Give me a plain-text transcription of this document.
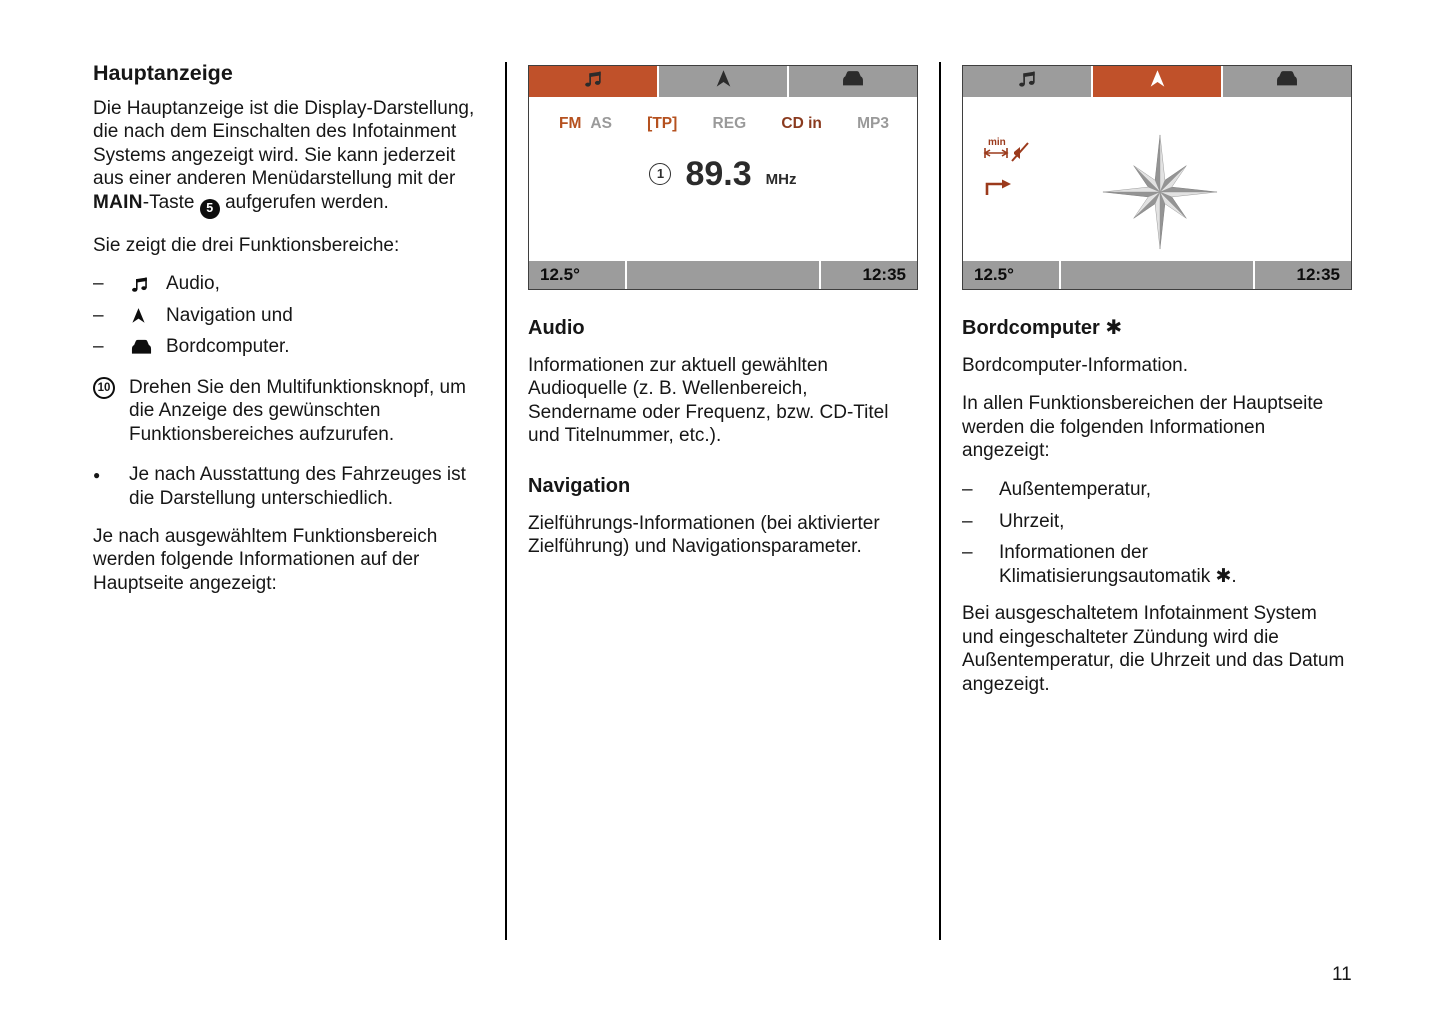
Hauptanzeige

Die Hauptanzeige ist die Display-Darstellung, die nach dem Einschalten des Infotainment Systems angezeigt wird. Sie kann jederzeit aus einer anderen Menüdarstellung mit der MAIN-Taste 5 aufgerufen werden.

Sie zeigt die drei Funktionsbereiche:

–	Audio,
–	Navigation und
–	Bordcomputer.
10 Drehen Sie den Multifunktionsknopf, um die Anzeige des gewünschten Funktionsbereiches aufzurufen.
●	Je nach Ausstattung des Fahrzeuges ist die Darstellung unterschiedlich.

Je nach ausgewähltem Funktionsbereich werden folgende Informationen auf der Hauptseite angezeigt:

FM AS [TP] REG CD in MP3
1 89.3 MHz
12.5°	12:35
Audio

Informationen zur aktuell gewählten Audioquelle (z. B. Wellenbereich, Sendername oder Frequenz, bzw. CD-Titel und Titelnummer, etc.).

Navigation

Zielführungs-Informationen (bei aktivierter Zielführung) und Navigationsparameter.

min
12.5°	12:35
Bordcomputer ✱

Bordcomputer-Information.

In allen Funktionsbereichen der Hauptseite werden die folgenden Informationen angezeigt:

–	Außentemperatur,
–	Uhrzeit,
–	Informationen der Klimatisierungsautomatik ✱.

Bei ausgeschaltetem Infotainment System und eingeschalteter Zündung wird die Außentemperatur, die Uhrzeit und das Datum angezeigt.

11
